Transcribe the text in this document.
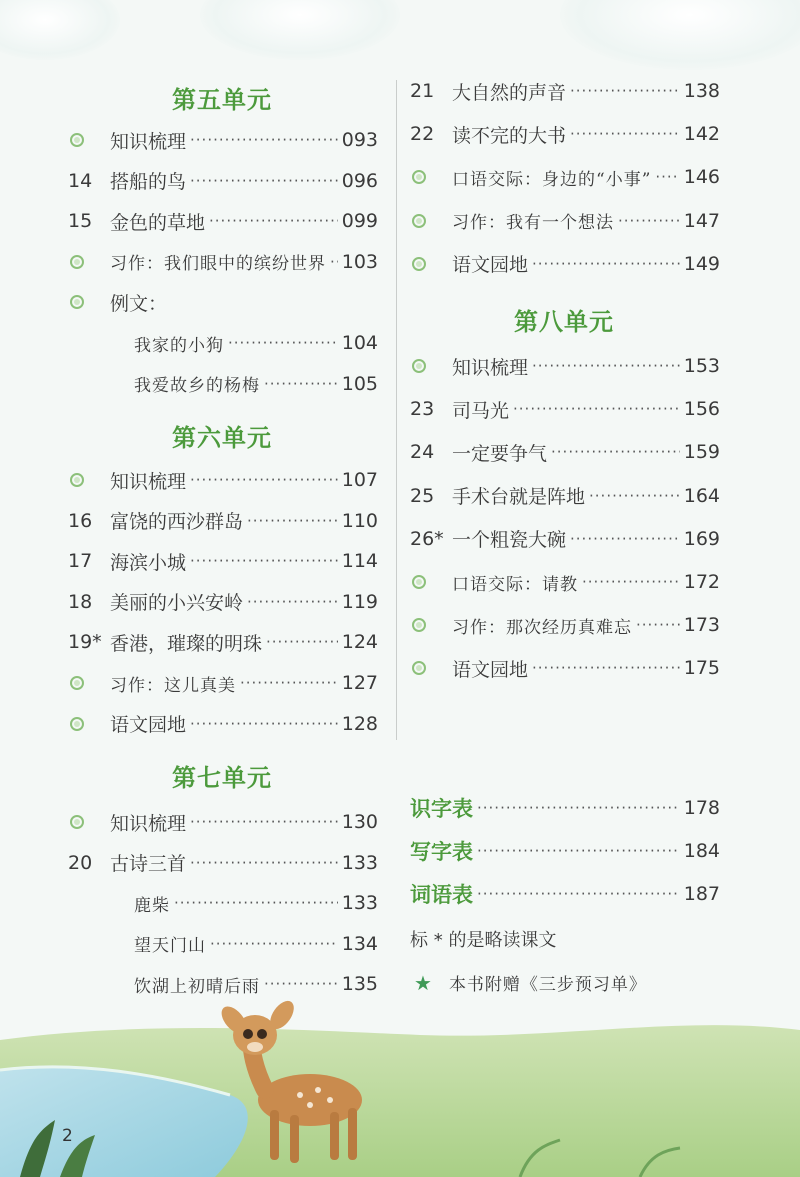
第五单元
知识梳理 ·····	093
14 搭船的鸟 ·····	096
15 金色的草地 ·····	099
习作：我们眼中的缤纷世界 ····· 103
例文：
我家的小狗 ·····	104
我爱故乡的杨梅 ·····	105
第六单元
知识梳理 ·····	107
16 富饶的西沙群岛 ·····	110
17 海滨小城 ·····	114
18 美丽的小兴安岭 ·····	119
19* 香港，璀璨的明珠 ·····	124
习作：这儿真美 ·····	127
语文园地 ·····	128
第七单元
知识梳理 ·····	130
20 古诗三首 ·····	133
鹿柴 ·····	133
望天门山 ·····	134
饮湖上初晴后雨 ·····	135
21 大自然的声音 ·····	138
22 读不完的大书 ·····	142
口语交际：身边的“小事” ····· 146
习作：我有一个想法 ·····	147
语文园地 ·····	149
第八单元
知识梳理 ·····	153
23 司马光 ·····	156
24 一定要争气 ·····	159
25 手术台就是阵地 ·····	164
26* 一个粗瓷大碗 ·····	169
口语交际：请教 ·····	172
习作：那次经历真难忘 ·····	173
语文园地 ·····	175
识字表 ·····	178
写字表 ·····	184
词语表 ·····	187
标 * 的是略读课文
★ 本书附赠《三步预习单》
2
